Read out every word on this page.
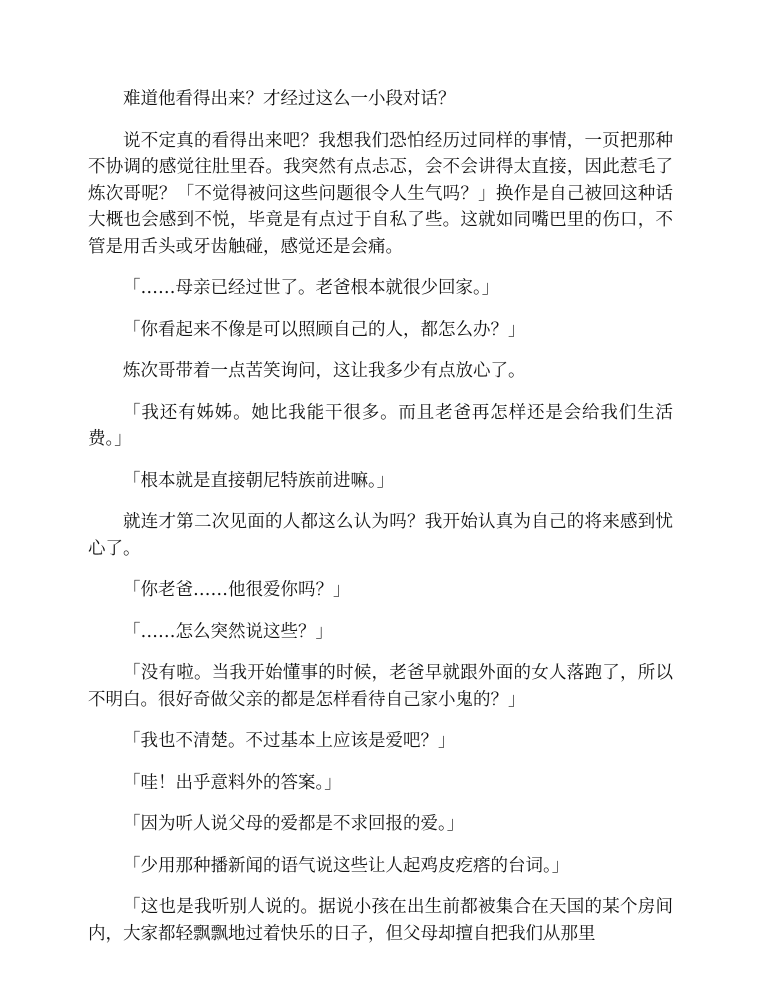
难道他看得出来？才经过这么一小段对话？

说不定真的看得出来吧？我想我们恐怕经历过同样的事情，一页把那种不协调的感觉往肚里吞。我突然有点忐忑，会不会讲得太直接，因此惹毛了炼次哥呢？「不觉得被问这些问题很令人生气吗？」换作是自己被回这种话大概也会感到不悦，毕竟是有点过于自私了些。这就如同嘴巴里的伤口，不管是用舌头或牙齿触碰，感觉还是会痛。

「……母亲已经过世了。老爸根本就很少回家。」

「你看起来不像是可以照顾自己的人，都怎么办？」

炼次哥带着一点苦笑询问，这让我多少有点放心了。

「我还有姊姊。她比我能干很多。而且老爸再怎样还是会给我们生活费。」

「根本就是直接朝尼特族前进嘛。」

就连才第二次见面的人都这么认为吗？我开始认真为自己的将来感到忧心了。

「你老爸……他很爱你吗？」

「……怎么突然说这些？」

「没有啦。当我开始懂事的时候，老爸早就跟外面的女人落跑了，所以不明白。很好奇做父亲的都是怎样看待自己家小鬼的？」

「我也不清楚。不过基本上应该是爱吧？」

「哇！出乎意料外的答案。」

「因为听人说父母的爱都是不求回报的爱。」

「少用那种播新闻的语气说这些让人起鸡皮疙瘩的台词。」

「这也是我听别人说的。据说小孩在出生前都被集合在天国的某个房间内，大家都轻飘飘地过着快乐的日子，但父母却擅自把我们从那里
